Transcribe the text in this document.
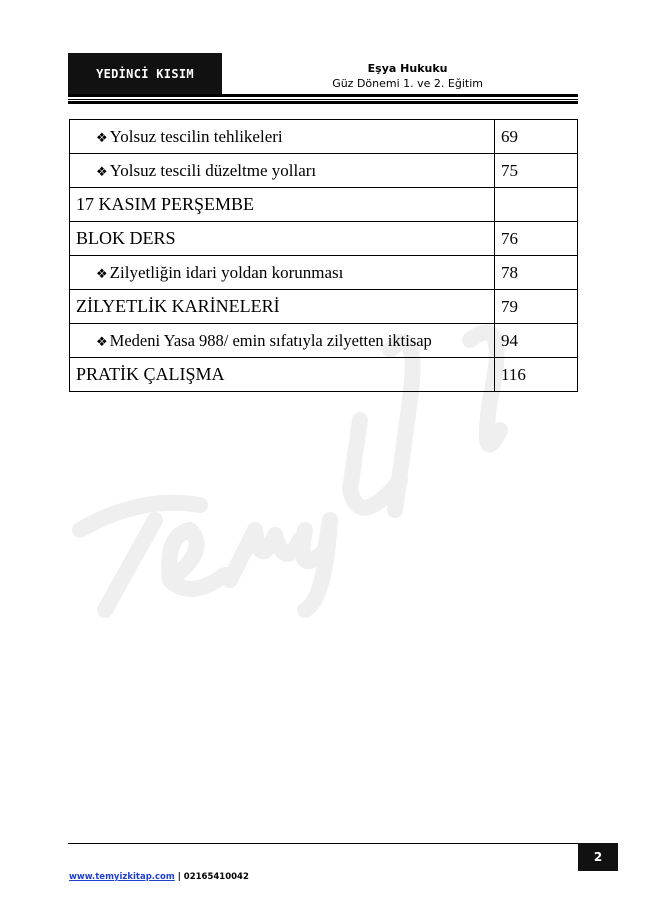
YEDİNCİ KISIM	Eşya Hukuku
Güz Dönemi 1. ve 2. Eğitim
❖ Yolsuz tescilin tehlikeleri	69
❖ Yolsuz tescili düzeltme yolları	75
17 KASIM PERŞEMBE	
BLOK DERS	76
❖ Zilyetliğin idari yoldan korunması	78
ZİLYETLİK KARİNELERİ	79
❖ Medeni Yasa 988/ emin sıfatıyla zilyetten iktisap	94
PRATİK ÇALIŞMA	116
2
www.temyizkitap.com | 02165410042
